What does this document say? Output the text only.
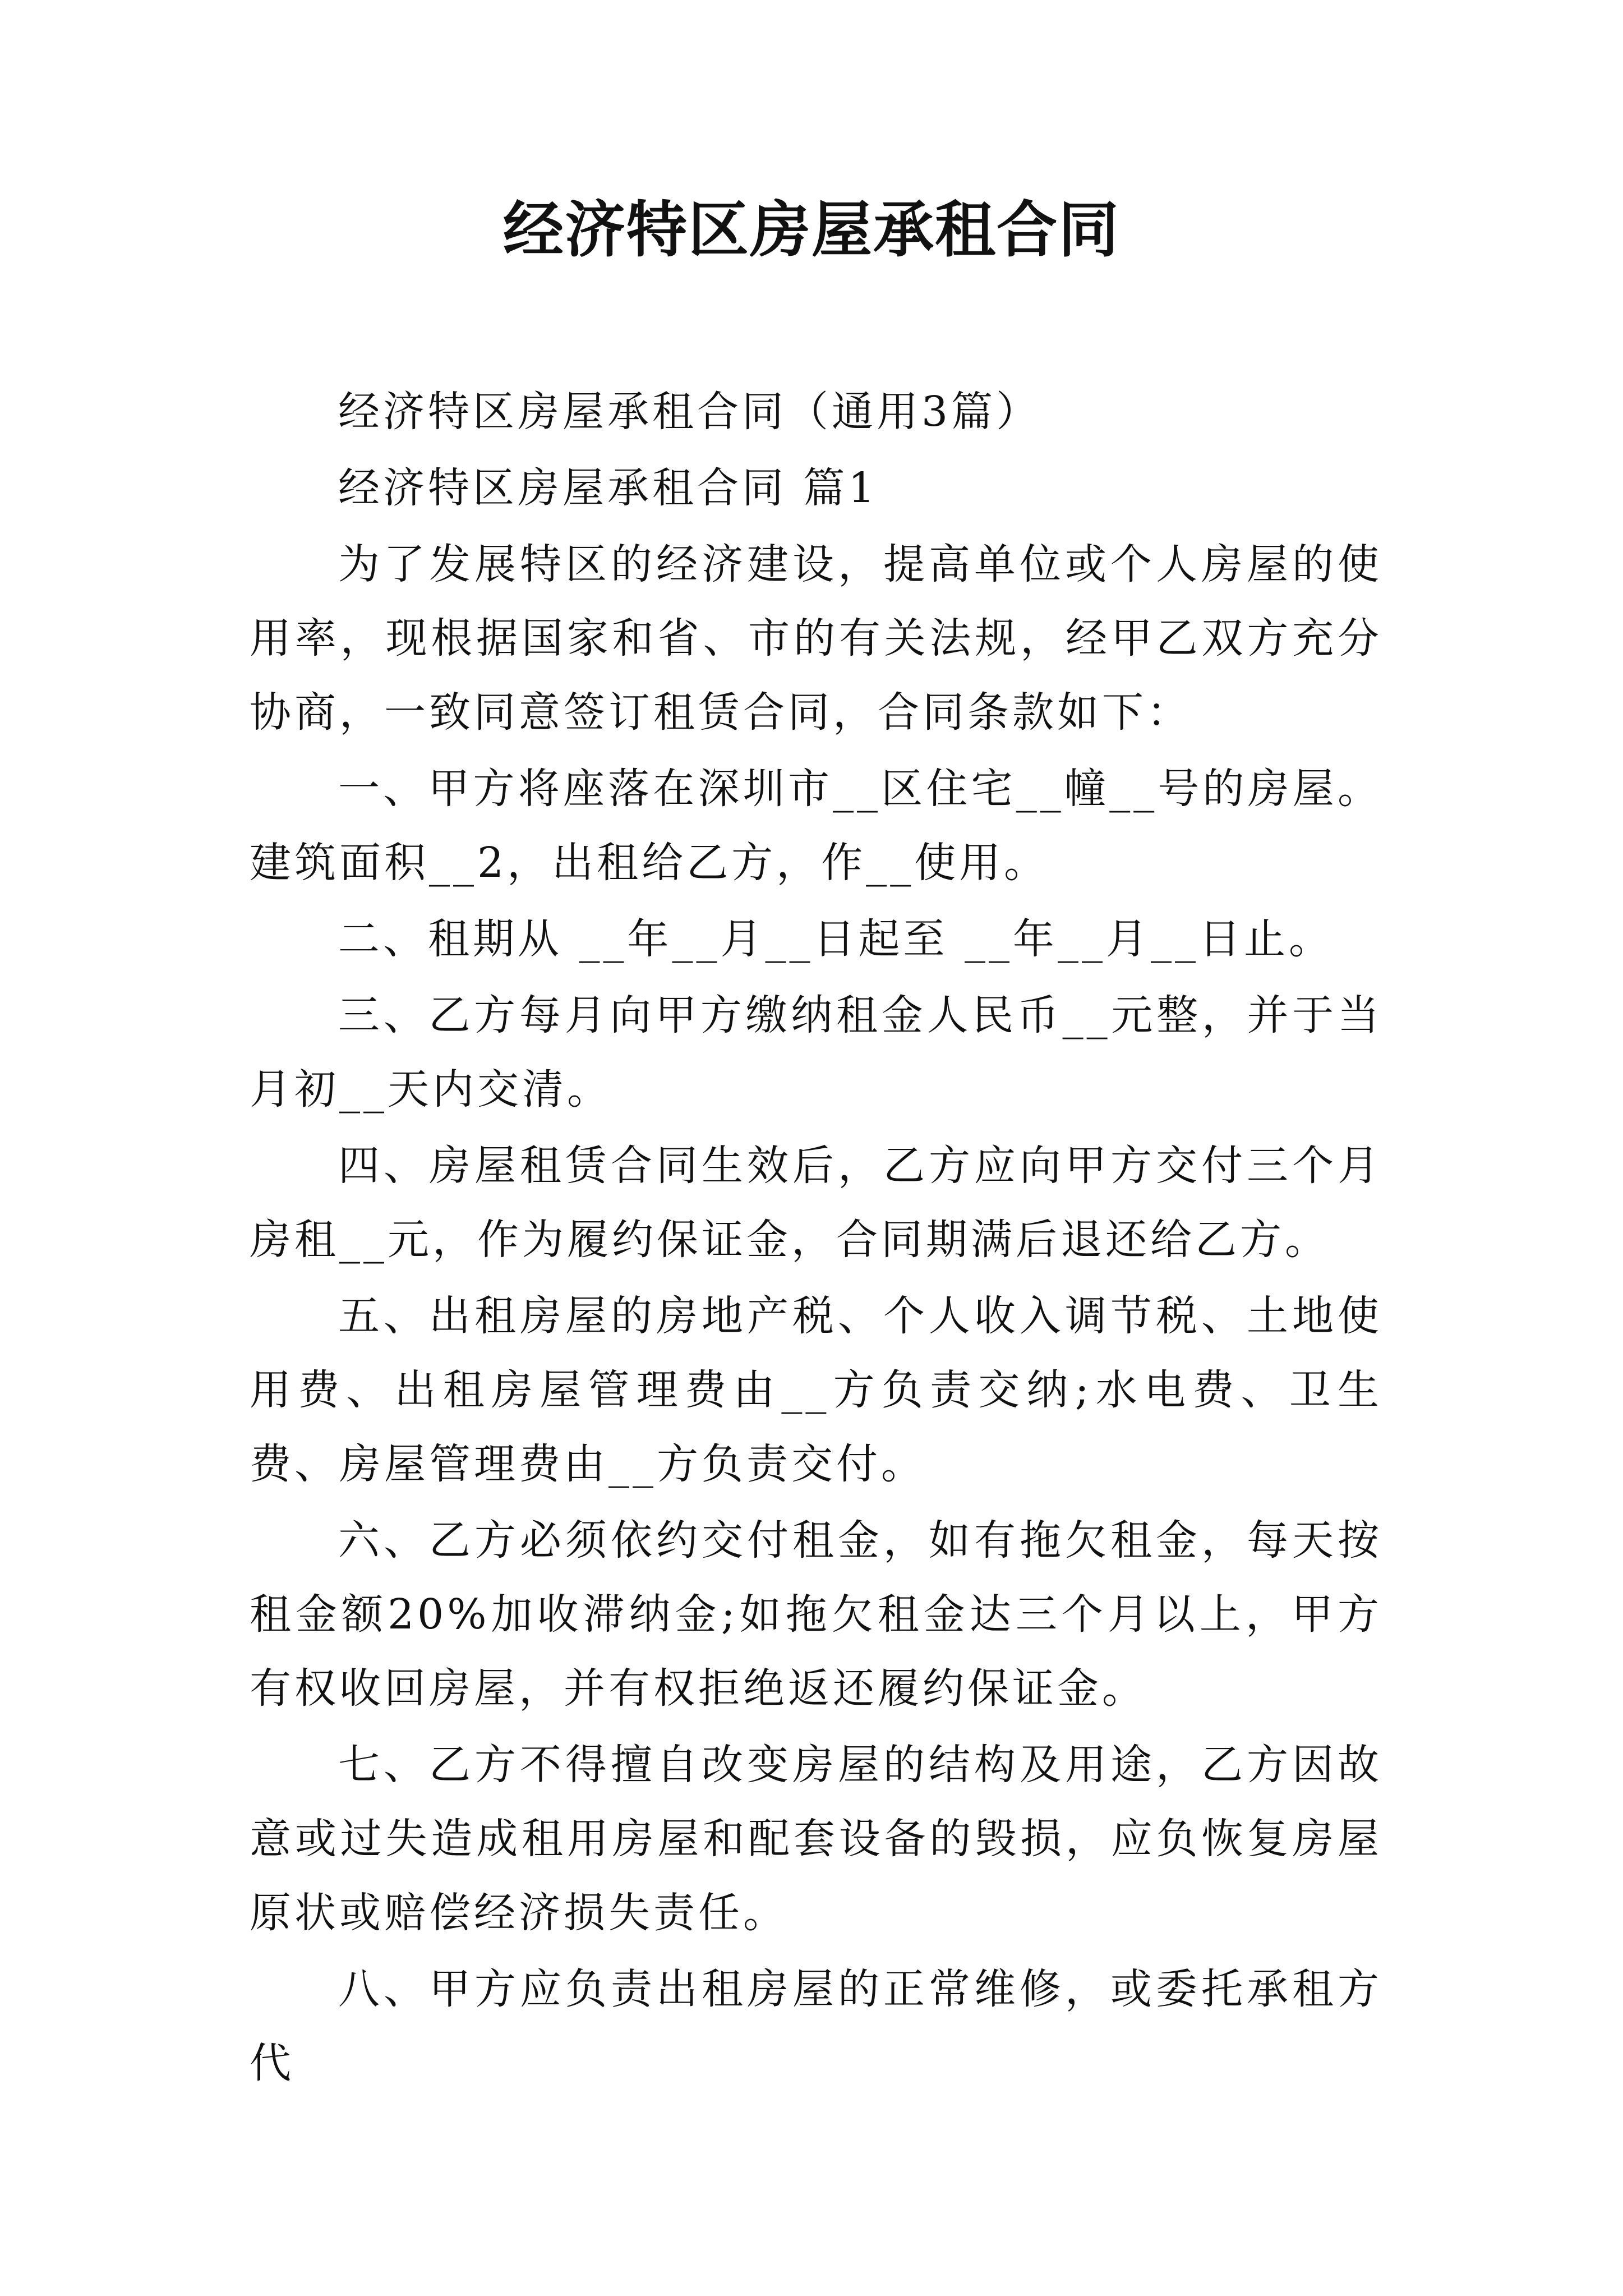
经济特区房屋承租合同

经济特区房屋承租合同（通用3篇）

经济特区房屋承租合同 篇1

为了发展特区的经济建设，提高单位或个人房屋的使用率，现根据国家和省、市的有关法规，经甲乙双方充分协商，一致同意签订租赁合同，合同条款如下：

一、甲方将座落在深圳市__区住宅__幢__号的房屋。建筑面积__2，出租给乙方，作__使用。

二、租期从 __年__月__日起至 __年__月__日止。

三、乙方每月向甲方缴纳租金人民币__元整，并于当月初__天内交清。

四、房屋租赁合同生效后，乙方应向甲方交付三个月房租__元，作为履约保证金，合同期满后退还给乙方。

五、出租房屋的房地产税、个人收入调节税、土地使用费、出租房屋管理费由__方负责交纳;水电费、卫生费、房屋管理费由__方负责交付。

六、乙方必须依约交付租金，如有拖欠租金，每天按租金额20%加收滞纳金;如拖欠租金达三个月以上，甲方有权收回房屋，并有权拒绝返还履约保证金。

七、乙方不得擅自改变房屋的结构及用途，乙方因故意或过失造成租用房屋和配套设备的毁损，应负恢复房屋原状或赔偿经济损失责任。

八、甲方应负责出租房屋的正常维修，或委托承租方代
